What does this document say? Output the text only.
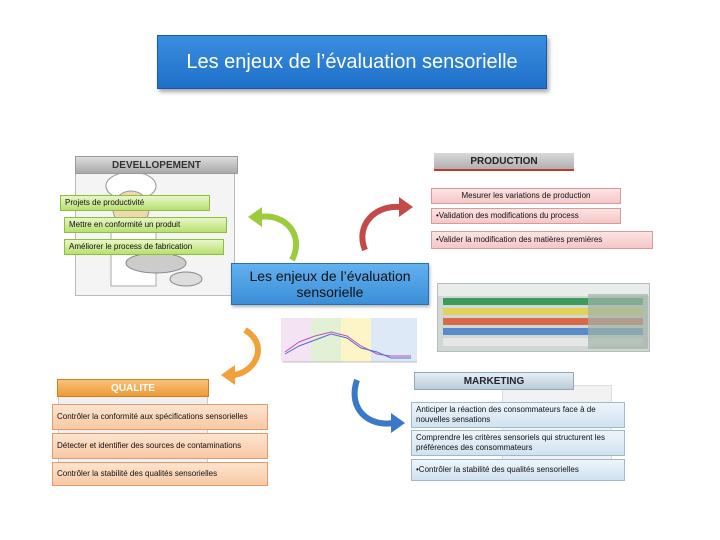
Les enjeux de l’évaluation sensorielle
DEVELLOPEMENT
Projets de productivité
Mettre en conformité un produit
Améliorer le process de fabrication
PRODUCTION
Mesurer les variations de production
•Validation des modifications du process
•Valider la modification des matières premières
Les enjeux de l’évaluation sensorielle
QUALITE
Contrôler la conformité aux spécifications sensorielles
Détecter et identifier des sources de contaminations
Contrôler la stabilité des qualités sensorielles
MARKETING
Anticiper la réaction des consommateurs face à de nouvelles sensations
Comprendre les critères sensoriels qui structurent les préférences des consommateurs
•Contrôler la stabilité des qualités sensorielles
